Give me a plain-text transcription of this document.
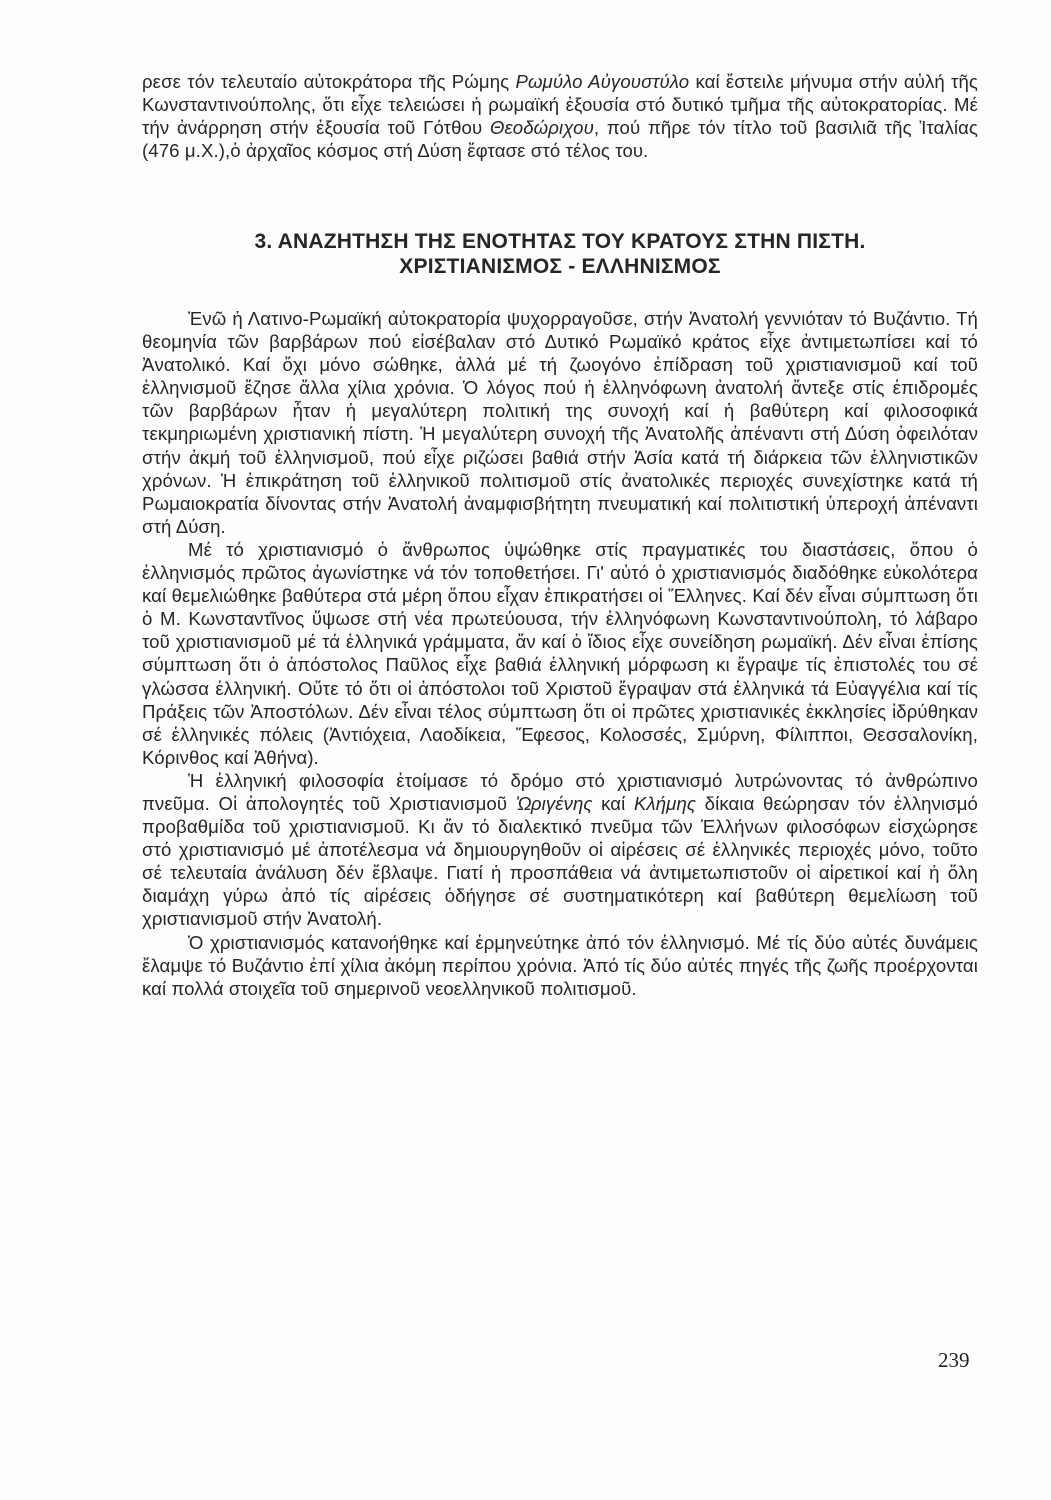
ρεσε τόν τελευταίο αὐτοκράτορα τῆς Ρώμης Ρωμύλο Αὐγουστύλο καί ἔστειλε μήνυμα στήν αὐλή τῆς Κωνσταντινούπολης, ὅτι εἶχε τελειώσει ἡ ρωμαϊκή ἐξουσία στό δυτικό τμῆμα τῆς αὐτοκρατορίας. Μέ τήν ἀνάρρηση στήν ἐξουσία τοῦ Γότθου Θεοδώριχου, πού πῆρε τόν τίτλο τοῦ βασιλιᾶ τῆς Ἰταλίας (476 μ.Χ.),ὁ ἀρχαῖος κόσμος στή Δύση ἔφτασε στό τέλος του.

3. ΑΝΑΖΗΤΗΣΗ ΤΗΣ ΕΝΟΤΗΤΑΣ ΤΟΥ ΚΡΑΤΟΥΣ ΣΤΗΝ ΠΙΣΤΗ.
ΧΡΙΣΤΙΑΝΙΣΜΟΣ - ΕΛΛΗΝΙΣΜΟΣ

Ἐνῶ ἡ Λατινο-Ρωμαϊκή αὐτοκρατορία ψυχορραγοῦσε, στήν Ἀνατολή γεννιόταν τό Βυζάντιο. Τή θεομηνία τῶν βαρβάρων πού εἰσέβαλαν στό Δυτικό Ρωμαϊκό κράτος εἶχε ἀντιμετωπίσει καί τό Ἀνατολικό. Καί ὄχι μόνο σώθηκε, ἀλλά μέ τή ζωογόνο ἐπίδραση τοῦ χριστιανισμοῦ καί τοῦ ἑλληνισμοῦ ἔζησε ἄλλα χίλια χρόνια. Ὁ λόγος πού ἡ ἑλληνόφωνη ἀνατολή ἄντεξε στίς ἐπιδρομές τῶν βαρβάρων ἦταν ἡ μεγαλύτερη πολιτική της συνοχή καί ἡ βαθύτερη καί φιλοσοφικά τεκμηριωμένη χριστιανική πίστη. Ἡ μεγαλύτερη συνοχή τῆς Ἀνατολῆς ἀπέναντι στή Δύση ὀφειλόταν στήν ἀκμή τοῦ ἑλληνισμοῦ, πού εἶχε ριζώσει βαθιά στήν Ἀσία κατά τή διάρκεια τῶν ἑλληνιστικῶν χρόνων. Ἡ ἐπικράτηση τοῦ ἑλληνικοῦ πολιτισμοῦ στίς ἀνατολικές περιοχές συνεχίστηκε κατά τή Ρωμαιοκρατία δίνοντας στήν Ἀνατολή ἀναμφισβήτητη πνευματική καί πολιτιστική ὑπεροχή ἀπέναντι στή Δύση.

Μέ τό χριστιανισμό ὁ ἄνθρωπος ὑψώθηκε στίς πραγματικές του διαστάσεις, ὅπου ὁ ἑλληνισμός πρῶτος ἀγωνίστηκε νά τόν τοποθετήσει. Γι' αὐτό ὁ χριστιανισμός διαδόθηκε εὐκολότερα καί θεμελιώθηκε βαθύτερα στά μέρη ὅπου εἶχαν ἐπικρατήσει οἱ Ἕλληνες. Καί δέν εἶναι σύμπτωση ὅτι ὁ Μ. Κωνσταντῖνος ὕψωσε στή νέα πρωτεύουσα, τήν ἑλληνόφωνη Κωνσταντινούπολη, τό λάβαρο τοῦ χριστιανισμοῦ μέ τά ἑλληνικά γράμματα, ἄν καί ὁ ἴδιος εἶχε συνείδηση ρωμαϊκή. Δέν εἶναι ἐπίσης σύμπτωση ὅτι ὁ ἀπόστολος Παῦλος εἶχε βαθιά ἑλληνική μόρφωση κι ἔγραψε τίς ἐπιστολές του σέ γλώσσα ἑλληνική. Οὔτε τό ὅτι οἱ ἀπόστολοι τοῦ Χριστοῦ ἔγραψαν στά ἑλληνικά τά Εὐαγγέλια καί τίς Πράξεις τῶν Ἀποστόλων. Δέν εἶναι τέλος σύμπτωση ὅτι οἱ πρῶτες χριστιανικές ἐκκλησίες ἱδρύθηκαν σέ ἑλληνικές πόλεις (Ἀντιόχεια, Λαοδίκεια, Ἔφεσος, Κολοσσές, Σμύρνη, Φίλιπποι, Θεσσαλονίκη, Κόρινθος καί Ἀθήνα).

Ἡ ἑλληνική φιλοσοφία ἑτοίμασε τό δρόμο στό χριστιανισμό λυτρώνοντας τό ἀνθρώπινο πνεῦμα. Οἱ ἀπολογητές τοῦ Χριστιανισμοῦ Ὠριγένης καί Κλήμης δίκαια θεώρησαν τόν ἑλληνισμό προβαθμίδα τοῦ χριστιανισμοῦ. Κι ἄν τό διαλεκτικό πνεῦμα τῶν Ἑλλήνων φιλοσόφων εἰσχώρησε στό χριστιανισμό μέ ἀποτέλεσμα νά δημιουργηθοῦν οἱ αἱρέσεις σέ ἑλληνικές περιοχές μόνο, τοῦτο σέ τελευταία ἀνάλυση δέν ἔβλαψε. Γιατί ἡ προσπάθεια νά ἀντιμετωπιστοῦν οἱ αἱρετικοί καί ἡ ὅλη διαμάχη γύρω ἀπό τίς αἱρέσεις ὁδήγησε σέ συστηματικότερη καί βαθύτερη θεμελίωση τοῦ χριστιανισμοῦ στήν Ἀνατολή.

Ὁ χριστιανισμός κατανοήθηκε καί ἑρμηνεύτηκε ἀπό τόν ἑλληνισμό. Μέ τίς δύο αὐτές δυνάμεις ἔλαμψε τό Βυζάντιο ἐπί χίλια ἀκόμη περίπου χρόνια. Ἀπό τίς δύο αὐτές πηγές τῆς ζωῆς προέρχονται καί πολλά στοιχεῖα τοῦ σημερινοῦ νεοελληνικοῦ πολιτισμοῦ.

239
